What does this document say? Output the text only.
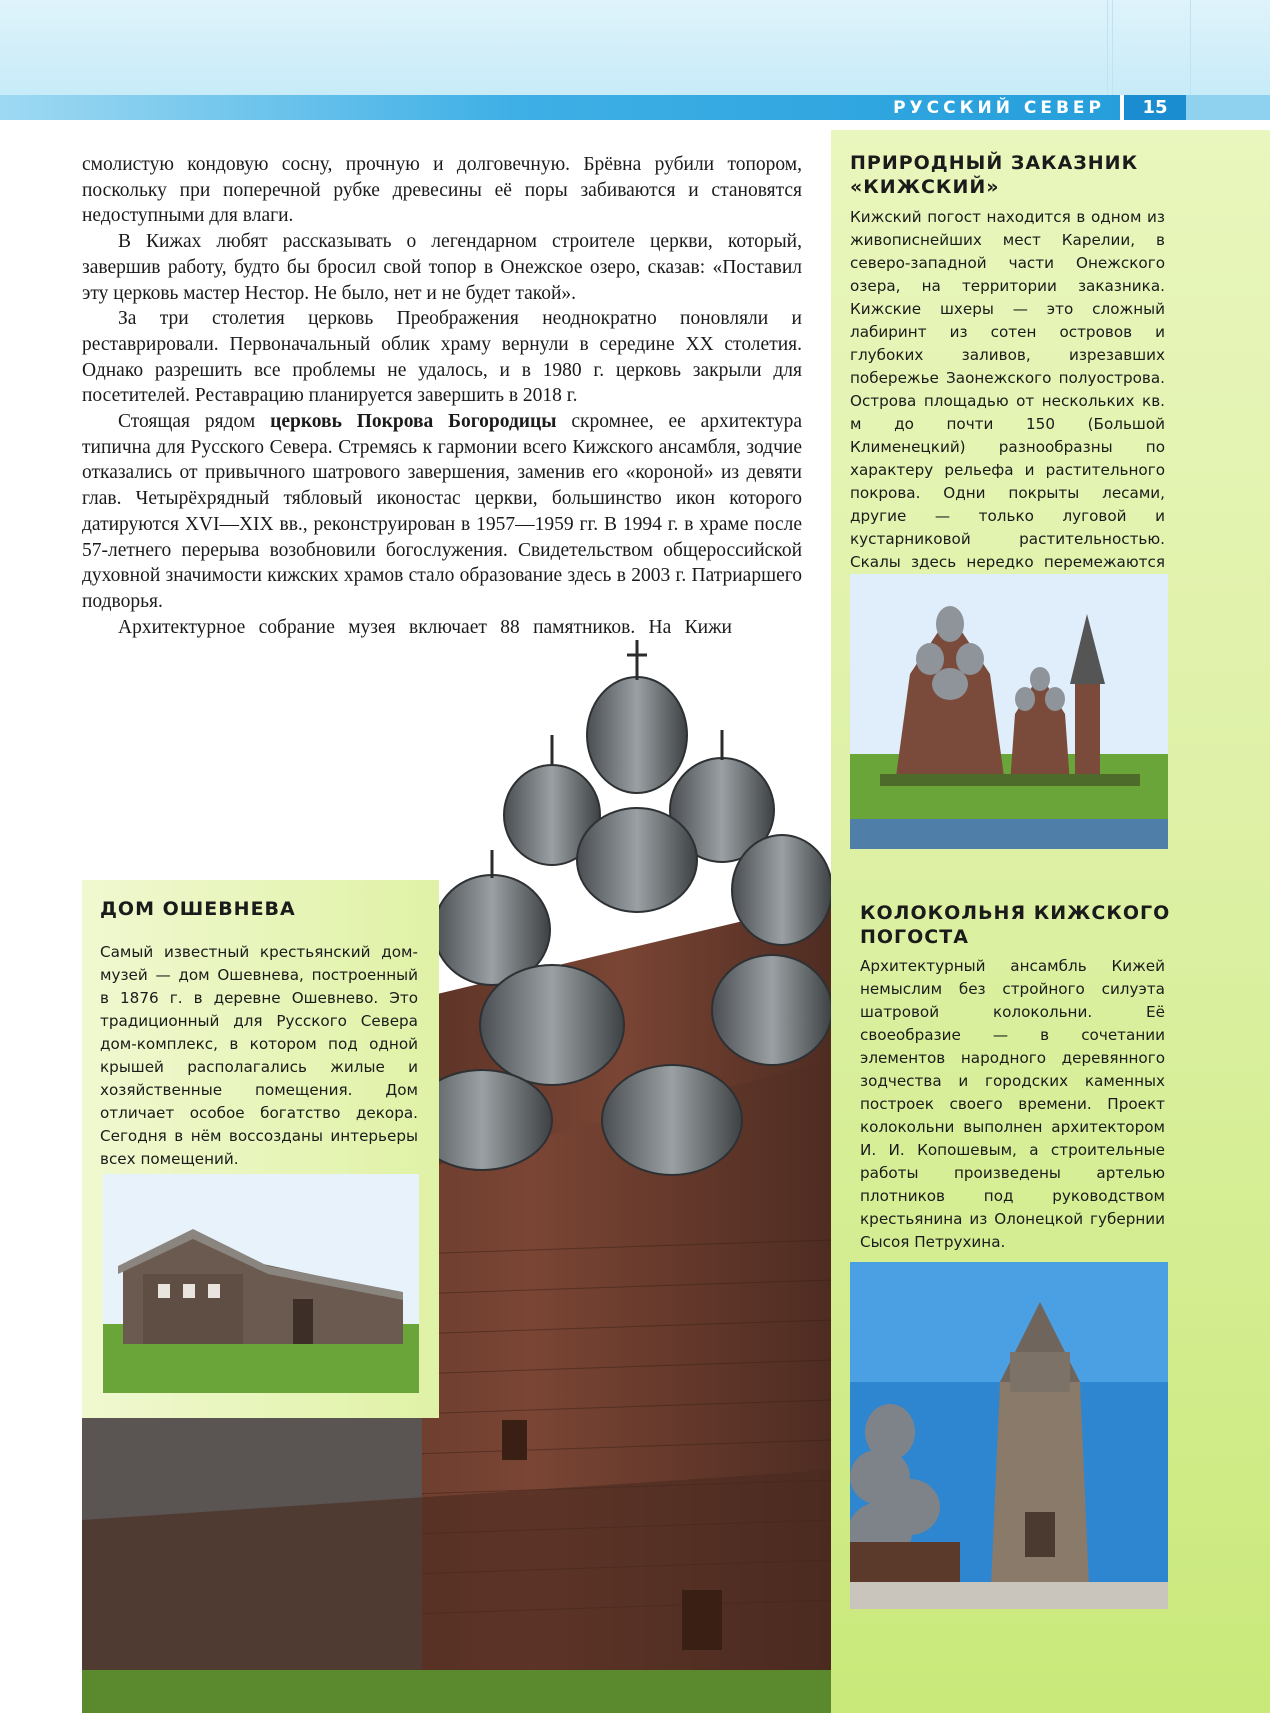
РУССКИЙ СЕВЕР	15

смолистую кондовую сосну, прочную и долговечную. Брёвна рубили топором, поскольку при поперечной рубке древесины её поры забиваются и становятся недоступными для влаги.

В Кижах любят рассказывать о легендарном строителе церкви, который, завершив работу, будто бы бросил свой топор в Онежское озеро, сказав: «Поставил эту церковь мастер Нестор. Не было, нет и не будет такой».

За три столетия церковь Преображения неоднократно поновляли и реставрировали. Первоначальный облик храму вернули в середине XX столетия. Однако разрешить все проблемы не удалось, и в 1980 г. церковь закрыли для посетителей. Реставрацию планируется завершить в 2018 г.

Стоящая рядом церковь Покрова Богородицы скромнее, ее архитектура типична для Русского Севера. Стремясь к гармонии всего Кижского ансамбля, зодчие отказались от привычного шатрового завершения, заменив его «короной» из девяти глав. Четырёхрядный тябловый иконостас церкви, большинство икон которого датируются XVI—XIX вв., реконструирован в 1957—1959 гг. В 1994 г. в храме после 57-летнего перерыва возобновили богослужения. Свидетельством общероссийской духовной значимости кижских храмов стало образование здесь в 2003 г. Патриаршего подворья.

Архитектурное собрание музея включает 88 памятников. На Кижи

ПРИРОДНЫЙ ЗАКАЗНИК «КИЖСКИЙ»
Кижский погост находится в одном из живописнейших мест Карелии, в северо-западной части Онежского озера, на территории заказника. Кижские шхеры — это сложный лабиринт из сотен островов и глубоких заливов, изрезавших побережье Заонежского полуострова. Острова площадью от нескольких кв. м до почти 150 (Большой Клименецкий) разнообразны по характеру рельефа и растительного покрова. Одни покрыты лесами, другие — только луговой и кустарниковой растительностью. Скалы здесь нередко перемежаются
КОЛОКОЛЬНЯ КИЖСКОГО ПОГОСТА
Архитектурный ансамбль Кижей немыслим без стройного силуэта шатровой колокольни. Её своеобразие — в сочетании элементов народного деревянного зодчества и городских каменных построек своего времени. Проект колокольни выполнен архитектором И. И. Копошевым, а строительные работы произведены артелью плотников под руководством крестьянина из Олонецкой губернии Сысоя Петрухина.
ДОМ ОШЕВНЕВА
Самый известный крестьянский дом-музей — дом Ошевнева, построенный в 1876 г. в деревне Ошевнево. Это традиционный для Русского Севера дом-комплекс, в котором под одной крышей располагались жилые и хозяйственные помещения. Дом отличает особое богатство декора. Сегодня в нём воссозданы интерьеры всех помещений.
